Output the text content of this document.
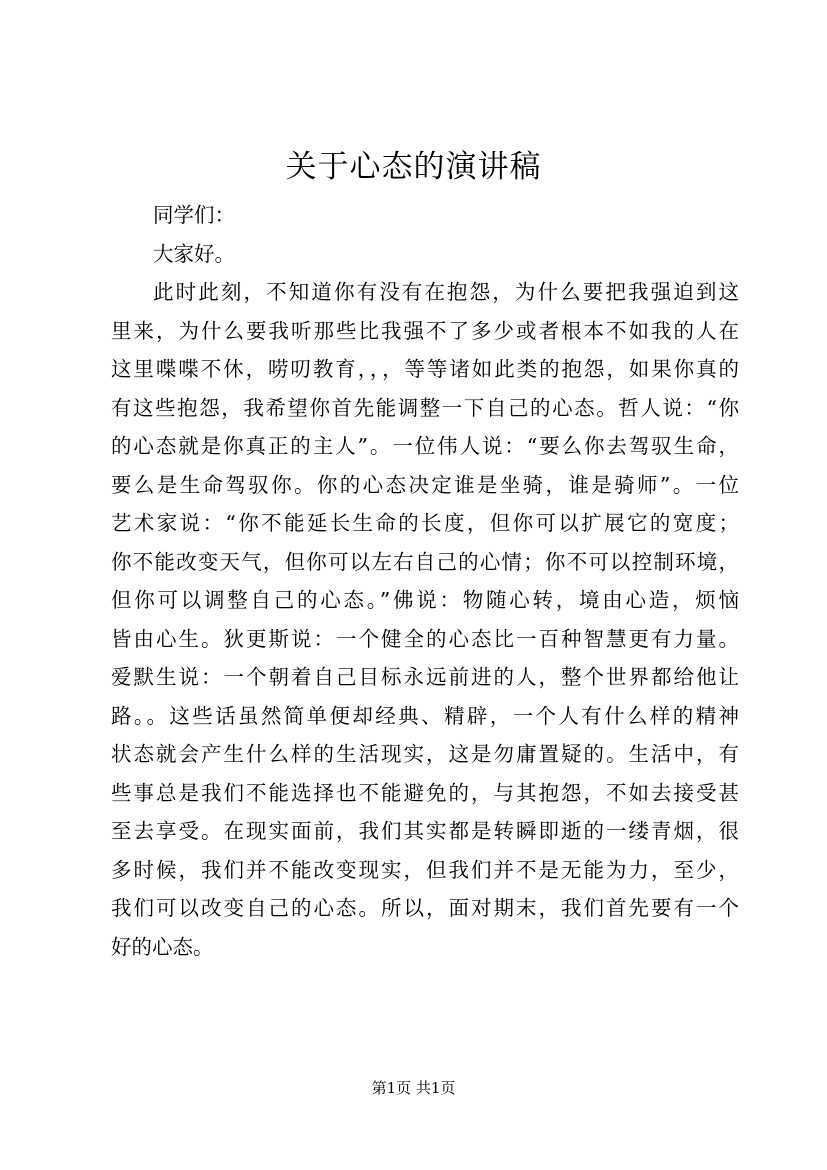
关于心态的演讲稿
同学们：
大家好。
此时此刻，不知道你有没有在抱怨，为什么要把我强迫到这
里来，为什么要我听那些比我强不了多少或者根本不如我的人在
这里喋喋不休，唠叨教育，，，等等诸如此类的抱怨，如果你真的
有这些抱怨，我希望你首先能调整一下自己的心态。哲人说：“你
的心态就是你真正的主人”。一位伟人说：“要么你去驾驭生命，
要么是生命驾驭你。你的心态决定谁是坐骑，谁是骑师”。一位
艺术家说：“你不能延长生命的长度，但你可以扩展它的宽度；
你不能改变天气，但你可以左右自己的心情；你不可以控制环境，
但你可以调整自己的心态。”佛说：物随心转，境由心造，烦恼
皆由心生。狄更斯说：一个健全的心态比一百种智慧更有力量。
爱默生说：一个朝着自己目标永远前进的人，整个世界都给他让
路。。这些话虽然简单便却经典、精辟，一个人有什么样的精神
状态就会产生什么样的生活现实，这是勿庸置疑的。生活中，有
些事总是我们不能选择也不能避免的，与其抱怨，不如去接受甚
至去享受。在现实面前，我们其实都是转瞬即逝的一缕青烟，很
多时候，我们并不能改变现实，但我们并不是无能为力，至少，
我们可以改变自己的心态。所以，面对期末，我们首先要有一个
好的心态。
第1页 共1页
